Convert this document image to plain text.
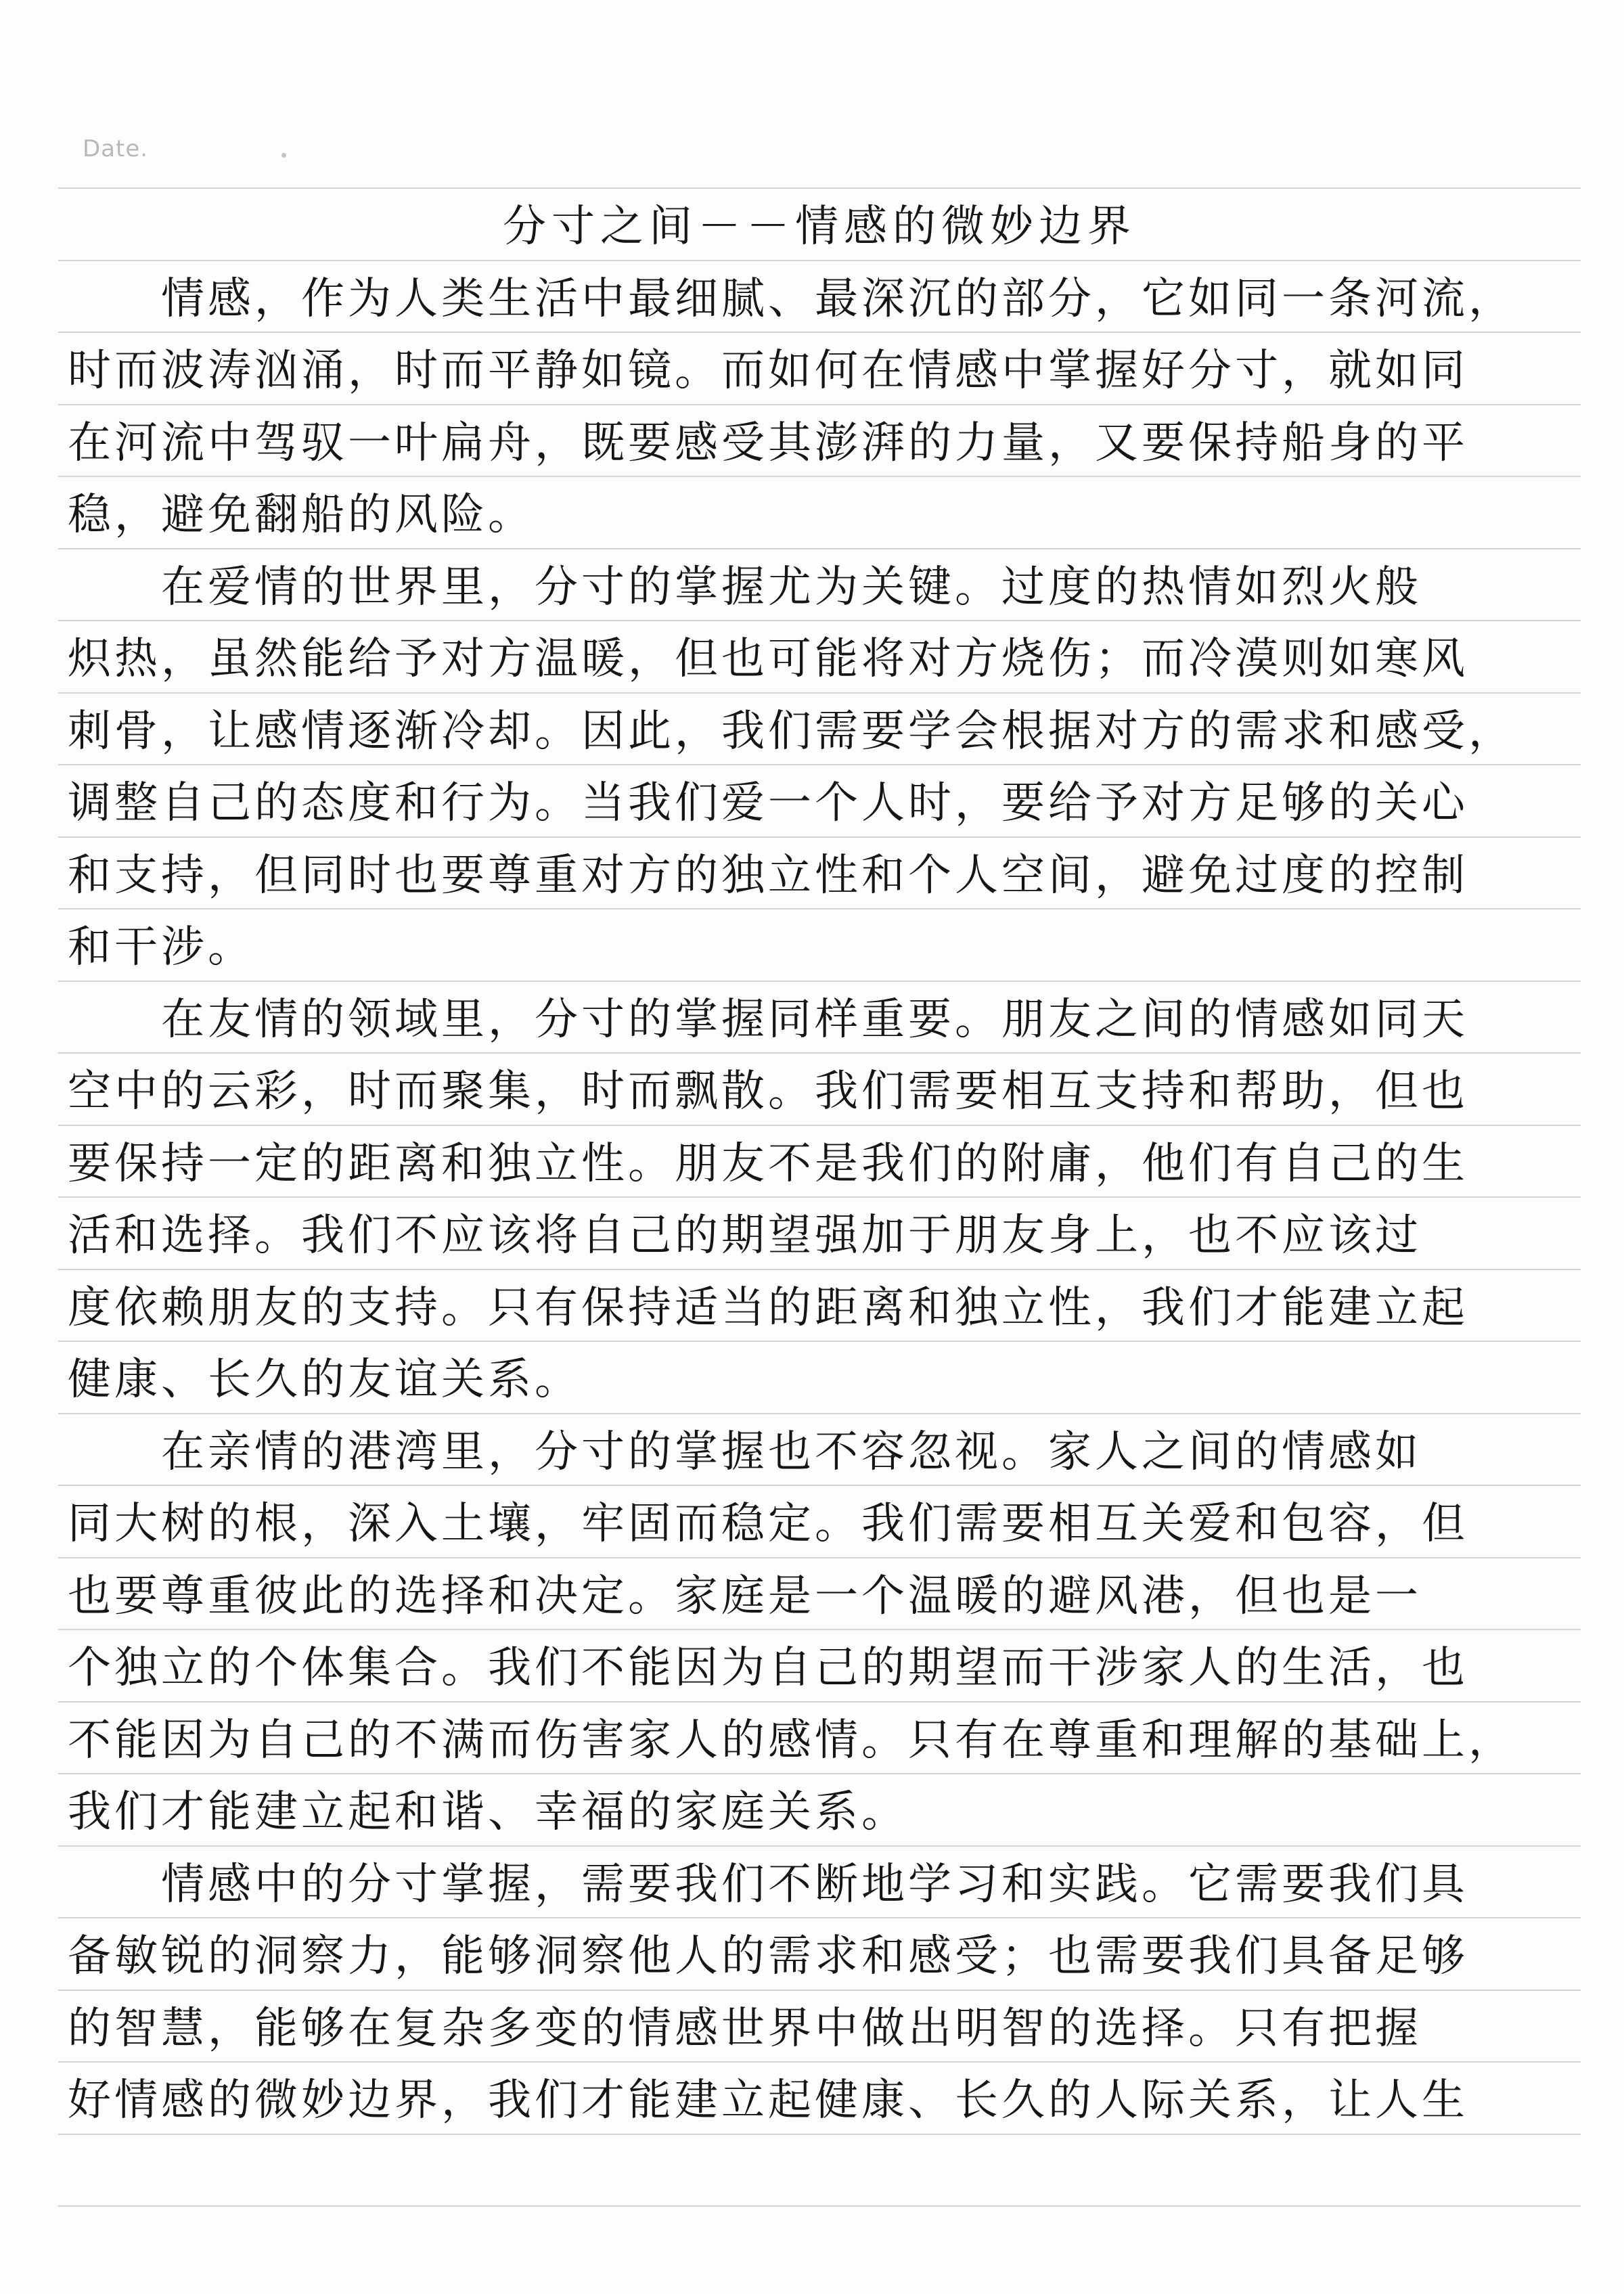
Date.
分寸之间－－情感的微妙边界
情感，作为人类生活中最细腻、最深沉的部分，它如同一条河流，
时而波涛汹涌，时而平静如镜。而如何在情感中掌握好分寸，就如同
在河流中驾驭一叶扁舟，既要感受其澎湃的力量，又要保持船身的平
稳，避免翻船的风险。
在爱情的世界里，分寸的掌握尤为关键。过度的热情如烈火般
炽热，虽然能给予对方温暖，但也可能将对方烧伤；而冷漠则如寒风
刺骨，让感情逐渐冷却。因此，我们需要学会根据对方的需求和感受，
调整自己的态度和行为。当我们爱一个人时，要给予对方足够的关心
和支持，但同时也要尊重对方的独立性和个人空间，避免过度的控制
和干涉。
在友情的领域里，分寸的掌握同样重要。朋友之间的情感如同天
空中的云彩，时而聚集，时而飘散。我们需要相互支持和帮助，但也
要保持一定的距离和独立性。朋友不是我们的附庸，他们有自己的生
活和选择。我们不应该将自己的期望强加于朋友身上，也不应该过
度依赖朋友的支持。只有保持适当的距离和独立性，我们才能建立起
健康、长久的友谊关系。
在亲情的港湾里，分寸的掌握也不容忽视。家人之间的情感如
同大树的根，深入土壤，牢固而稳定。我们需要相互关爱和包容，但
也要尊重彼此的选择和决定。家庭是一个温暖的避风港，但也是一
个独立的个体集合。我们不能因为自己的期望而干涉家人的生活，也
不能因为自己的不满而伤害家人的感情。只有在尊重和理解的基础上，
我们才能建立起和谐、幸福的家庭关系。
情感中的分寸掌握，需要我们不断地学习和实践。它需要我们具
备敏锐的洞察力，能够洞察他人的需求和感受；也需要我们具备足够
的智慧，能够在复杂多变的情感世界中做出明智的选择。只有把握
好情感的微妙边界，我们才能建立起健康、长久的人际关系，让人生
